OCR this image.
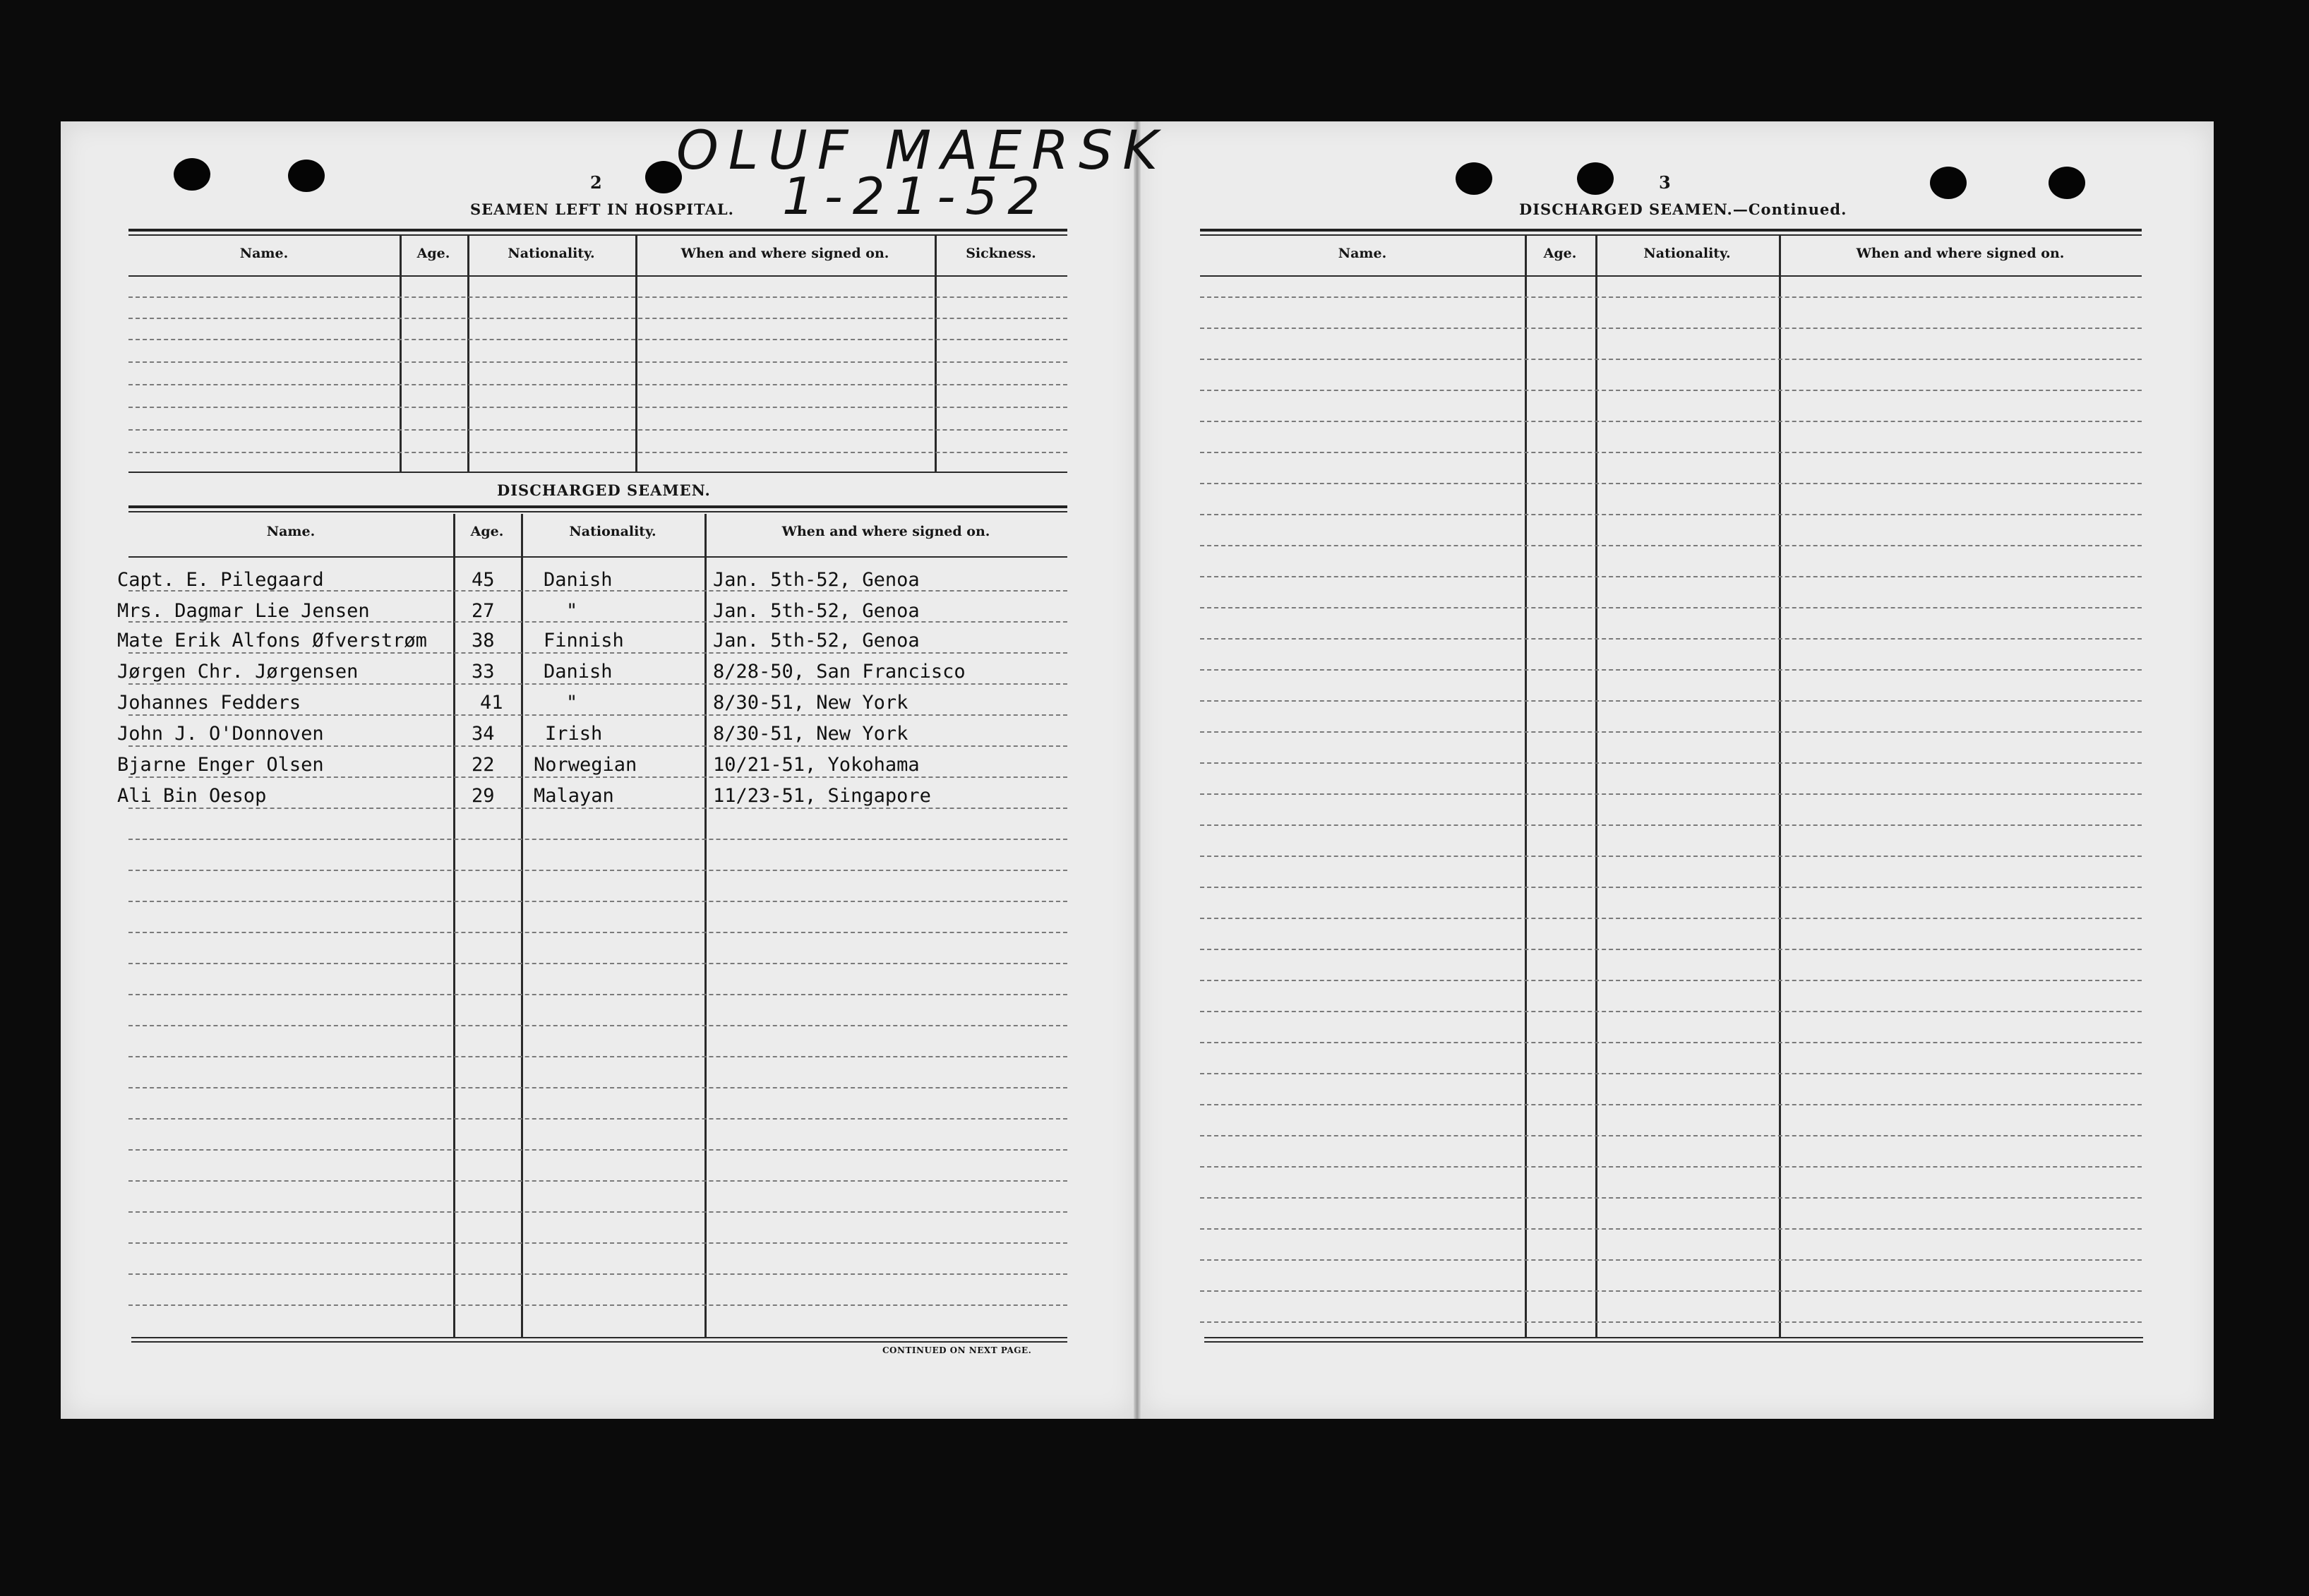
OLUF MAERSK
1-21-52
2
SEAMEN LEFT IN HOSPITAL.
Name.	Age.	Nationality.	When and where signed on.	Sickness.
DISCHARGED SEAMEN.
Name.	Age.	Nationality.	When and where signed on.
Capt. E. Pilegaard	45	Danish	Jan. 5th-52, Genoa
Mrs. Dagmar Lie Jensen	27	"	Jan. 5th-52, Genoa
Mate Erik Alfons Øfverstrøm 38	Finnish	Jan. 5th-52, Genoa
Jørgen Chr. Jørgensen	33	Danish	8/28-50, San Francisco
Johannes Fedders	41	"	8/30-51, New York
John J. O'Donnoven	34	Irish	8/30-51, New York
Bjarne Enger Olsen	22 Norwegian	10/21-51, Yokohama
Ali Bin Oesop	29 Malayan	11/23-51, Singapore
CONTINUED ON NEXT PAGE.
3
DISCHARGED SEAMEN.—Continued.
Name.	Age.	Nationality.	When and where signed on.
